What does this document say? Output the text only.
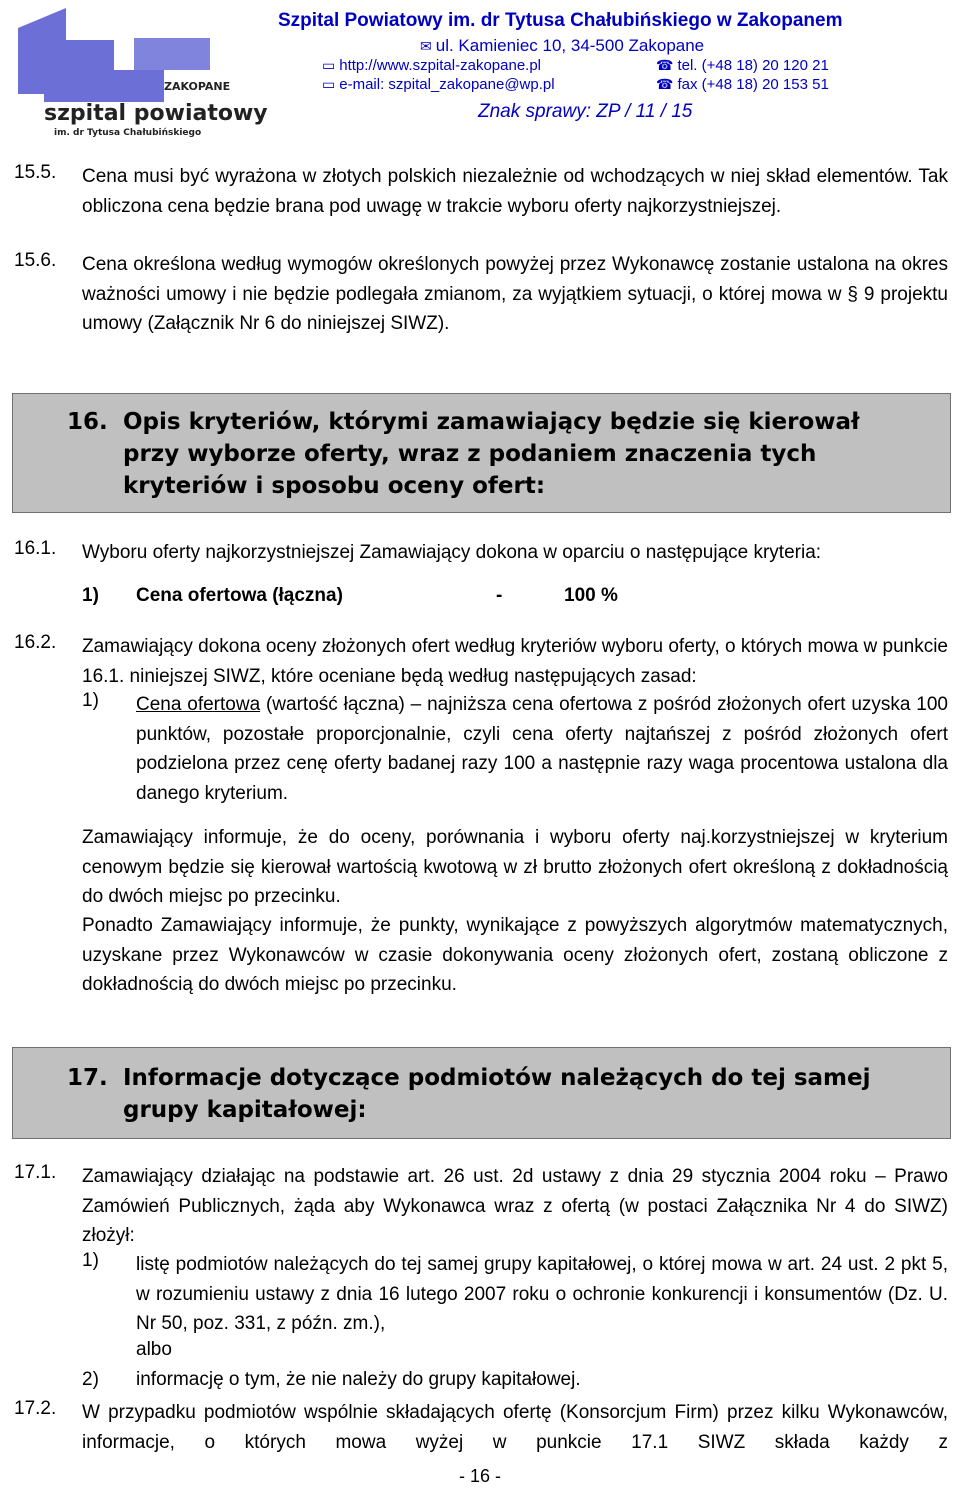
ZAKOPANE
szpital powiatowy
im. dr Tytusa Chałubińskiego
Szpital Powiatowy im. dr Tytusa Chałubińskiego w Zakopanem
✉ ul. Kamieniec 10, 34-500 Zakopane
▭ http://www.szpital-zakopane.pl	☎ tel. (+48 18) 20 120 21
▭ e-mail: szpital_zakopane@wp.pl	☎ fax (+48 18) 20 153 51
Znak sprawy: ZP / 11 / 15
15.5. Cena musi być wyrażona w złotych polskich niezależnie od wchodzących w niej skład elementów. Tak obliczona cena będzie brana pod uwagę w trakcie wyboru oferty najkorzystniejszej.
15.6. Cena określona według wymogów określonych powyżej przez Wykonawcę zostanie ustalona na okres ważności umowy i nie będzie podlegała zmianom, za wyjątkiem sytuacji, o której mowa w § 9 projektu umowy (Załącznik Nr 6 do niniejszej SIWZ).
16. Opis kryteriów, którymi zamawiający będzie się kierował przy wyborze oferty, wraz z podaniem znaczenia tych kryteriów i sposobu oceny ofert:
16.1. Wyboru oferty najkorzystniejszej Zamawiający dokona w oparciu o następujące kryteria:
1) Cena ofertowa (łączna)	-	100 %
16.2. Zamawiający dokona oceny złożonych ofert według kryteriów wyboru oferty, o których mowa w punkcie 16.1. niniejszej SIWZ, które oceniane będą według następujących zasad:
1) Cena ofertowa (wartość łączna) – najniższa cena ofertowa z pośród złożonych ofert uzyska 100 punktów, pozostałe proporcjonalnie, czyli cena oferty najtańszej z pośród złożonych ofert podzielona przez cenę oferty badanej razy 100 a następnie razy waga procentowa ustalona dla danego kryterium.
Zamawiający informuje, że do oceny, porównania i wyboru oferty naj.korzystniejszej w kryterium cenowym będzie się kierował wartością kwotową w zł brutto złożonych ofert określoną z dokładnością do dwóch miejsc po przecinku.
Ponadto Zamawiający informuje, że punkty, wynikające z powyższych algorytmów matematycznych, uzyskane przez Wykonawców w czasie dokonywania oceny złożonych ofert, zostaną obliczone z dokładnością do dwóch miejsc po przecinku.
17. Informacje dotyczące podmiotów należących do tej samej grupy kapitałowej:
17.1. Zamawiający działając na podstawie art. 26 ust. 2d ustawy z dnia 29 stycznia 2004 roku – Prawo Zamówień Publicznych, żąda aby Wykonawca wraz z ofertą (w postaci Załącznika Nr 4 do SIWZ) złożył:
1) listę podmiotów należących do tej samej grupy kapitałowej, o której mowa w art. 24 ust. 2 pkt 5, w rozumieniu ustawy z dnia 16 lutego 2007 roku o ochronie konkurencji i konsumentów (Dz. U. Nr 50, poz. 331, z późn. zm.),
albo
2) informację o tym, że nie należy do grupy kapitałowej.
17.2. W przypadku podmiotów wspólnie składających ofertę (Konsorcjum Firm) przez kilku Wykonawców, informacje, o których mowa wyżej w punkcie 17.1 SIWZ składa każdy z
- 16 -
